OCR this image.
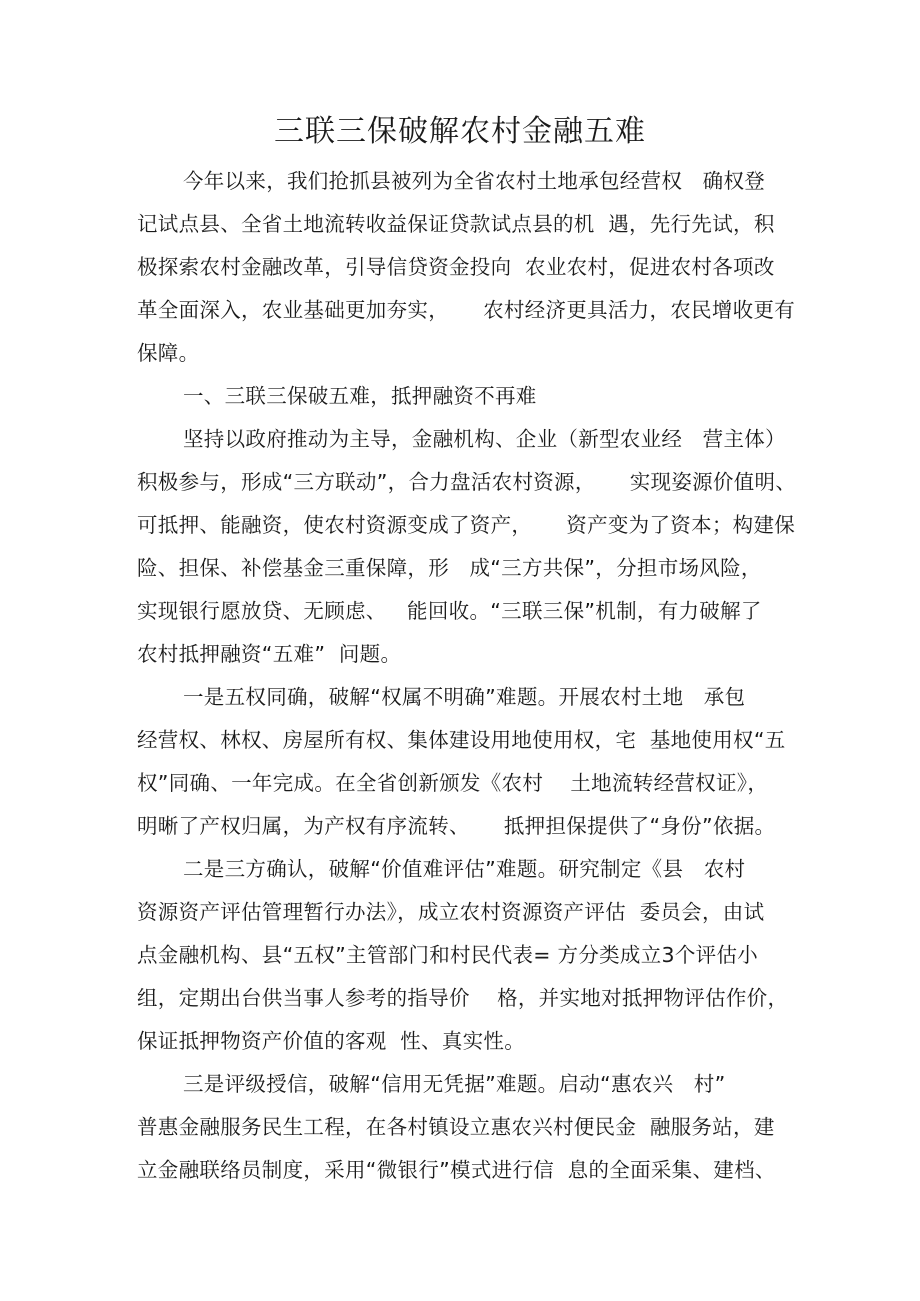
三联三保破解农村金融五难
今年以来，我们抢抓县被列为全省农村土地承包经营权   确权登
记试点县、全省土地流转收益保证贷款试点县的机  遇，先行先试，积
极探索农村金融改革，引导信贷资金投向  农业农村，促进农村各项改
革全面深入，农业基础更加夯实，     农村经济更具活力，农民增收更有
保障。
一、三联三保破五难，抵押融资不再难
坚持以政府推动为主导，金融机构、企业（新型农业经   营主体）
积极参与，形成“三方联动”，合力盘活农村资源，     实现姿源价值明、
可抵押、能融资，使农村资源变成了资产，     资产变为了资本；构建保
险、担保、补偿基金三重保障，形   成“三方共保”，分担市场风险，
实现银行愿放贷、无顾虑、   能回收。“三联三保”机制，有力破解了
农村抵押融资“五难”  问题。
一是五权同确，破解“权属不明确”难题。开展农村土地   承包
经营权、林权、房屋所有权、集体建设用地使用权，宅  基地使用权“五
权”同确、一年完成。在全省创新颁发《农村    土地流转经营权证》，
明晰了产权归属，为产权有序流转、     抵押担保提供了“身份”依据。
二是三方确认，破解“价值难评估”难题。研究制定《县   农村
资源资产评估管理暂行办法》，成立农村资源资产评估  委员会，由试
点金融机构、县“五权”主管部门和村民代表= 方分类成立3个评估小
组，定期出台供当事人参考的指导价    格，并实地对抵押物评估作价，
保证抵押物资产价值的客观  性、真实性。
三是评级授信，破解“信用无凭据”难题。启动“惠农兴   村”
普惠金融服务民生工程，在各村镇设立惠农兴村便民金  融服务站，建
立金融联络员制度，采用“微银行”模式进行信  息的全面采集、建档、
